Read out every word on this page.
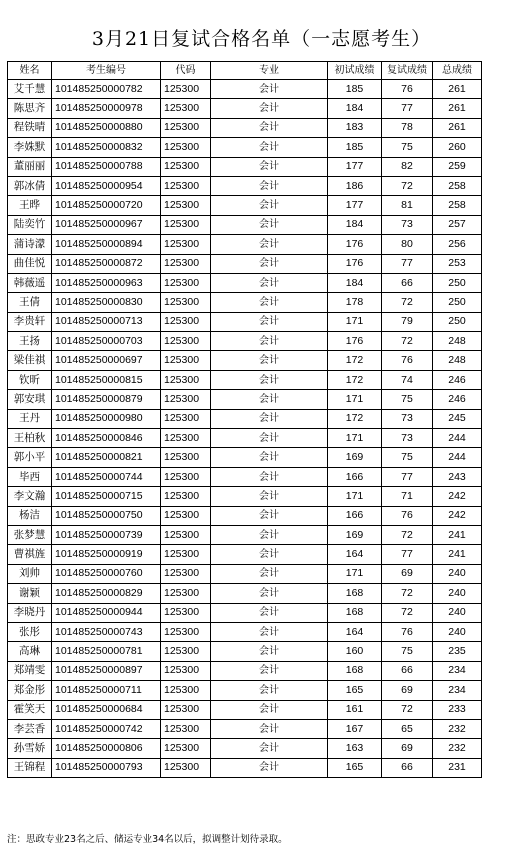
3月21日复试合格名单（一志愿考生）
姓名	考生编号	代码	专业	初试成绩	复试成绩	总成绩
艾千慧	101485250000782	125300	会计	185	76	261
陈思齐	101485250000978	125300	会计	184	77	261
程铁晴	101485250000880	125300	会计	183	78	261
李姝默	101485250000832	125300	会计	185	75	260
董丽丽	101485250000788	125300	会计	177	82	259
郭冰倩	101485250000954	125300	会计	186	72	258
王晔	101485250000720	125300	会计	177	81	258
陆奕竹	101485250000967	125300	会计	184	73	257
蒲诗濛	101485250000894	125300	会计	176	80	256
曲佳悦	101485250000872	125300	会计	176	77	253
韩薇遥	101485250000963	125300	会计	184	66	250
王倩	101485250000830	125300	会计	178	72	250
李贵轩	101485250000713	125300	会计	171	79	250
王扬	101485250000703	125300	会计	176	72	248
梁佳祺	101485250000697	125300	会计	172	76	248
钦昕	101485250000815	125300	会计	172	74	246
郭安琪	101485250000879	125300	会计	171	75	246
王丹	101485250000980	125300	会计	172	73	245
王柏秋	101485250000846	125300	会计	171	73	244
郭小平	101485250000821	125300	会计	169	75	244
毕西	101485250000744	125300	会计	166	77	243
李文瀚	101485250000715	125300	会计	171	71	242
杨洁	101485250000750	125300	会计	166	76	242
张梦慧	101485250000739	125300	会计	169	72	241
曹祺旌	101485250000919	125300	会计	164	77	241
刘帅	101485250000760	125300	会计	171	69	240
谢颖	101485250000829	125300	会计	168	72	240
李晓丹	101485250000944	125300	会计	168	72	240
张彤	101485250000743	125300	会计	164	76	240
高琳	101485250000781	125300	会计	160	75	235
郑靖雯	101485250000897	125300	会计	168	66	234
郑金彤	101485250000711	125300	会计	165	69	234
霍笑天	101485250000684	125300	会计	161	72	233
李芸香	101485250000742	125300	会计	167	65	232
孙雪娇	101485250000806	125300	会计	163	69	232
王锦程	101485250000793	125300	会计	165	66	231
注：思政专业23名之后、储运专业34名以后，拟调整计划待录取。
